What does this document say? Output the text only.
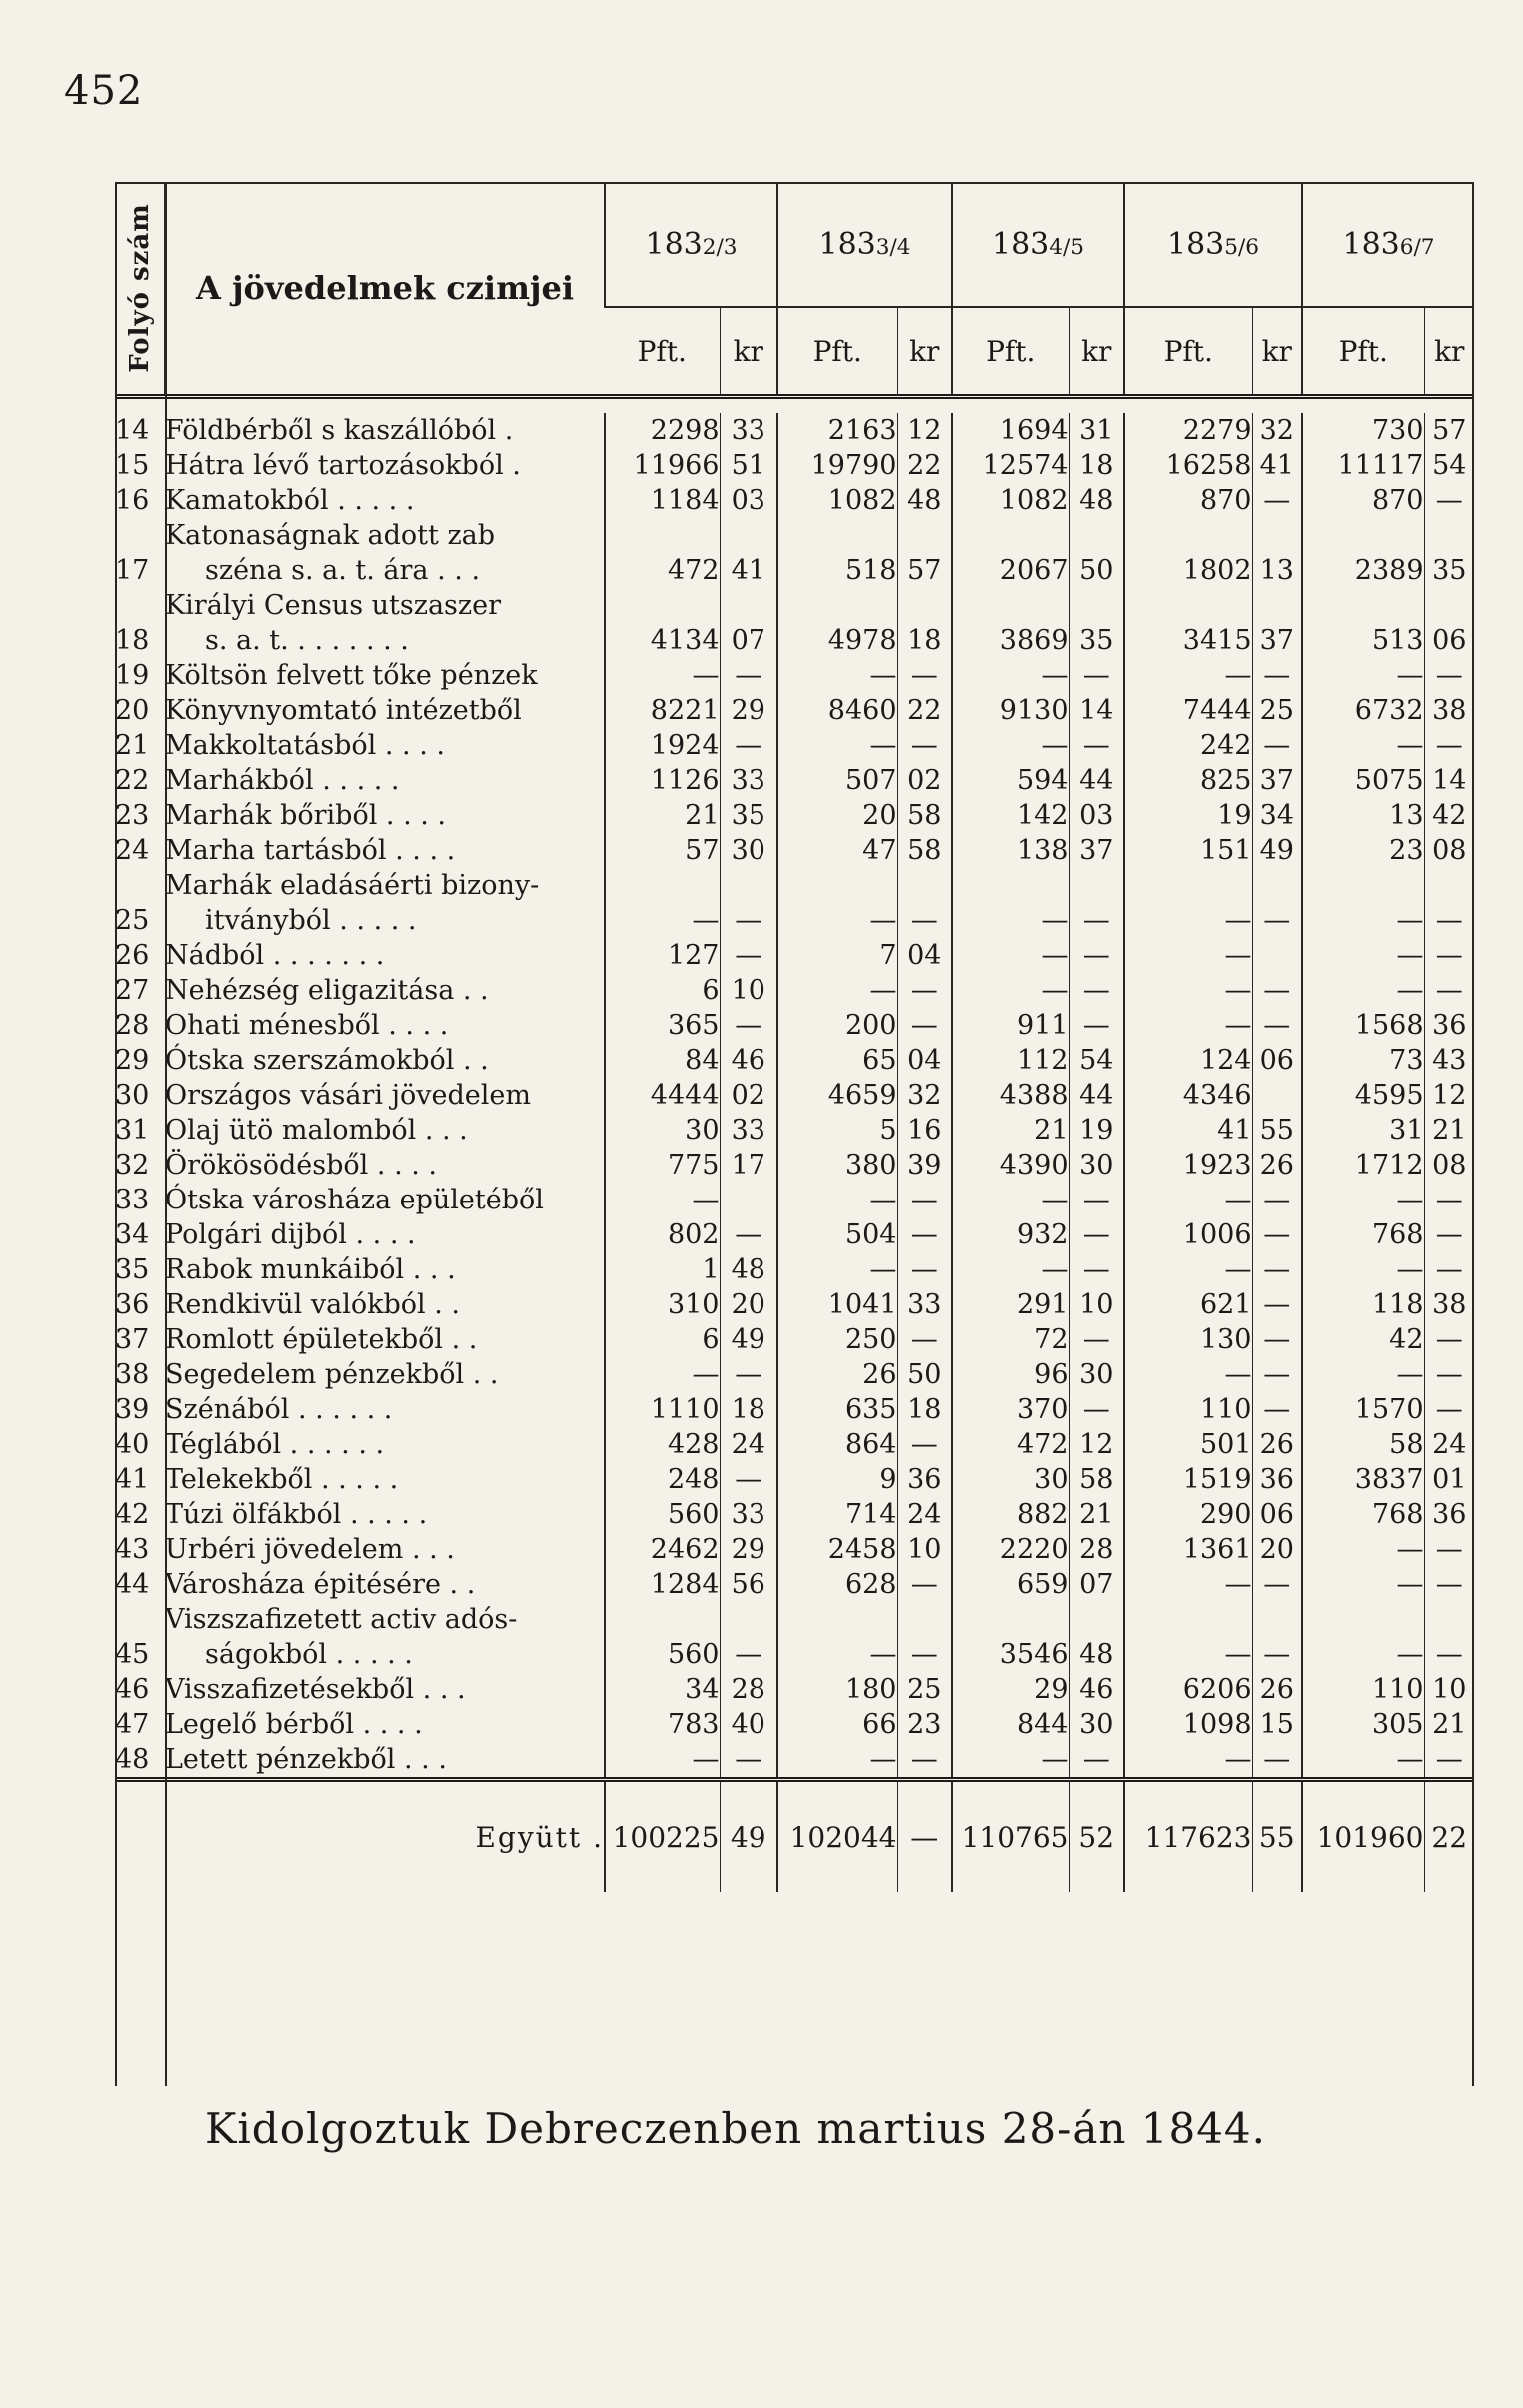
452
Folyó szám	A jövedelmek czimjei	1832/3		1833/4		1834/5		1835/6		1836/7	
		Pft.	kr	Pft.	kr	Pft.	kr	Pft.	kr	Pft.	kr

14	Földbérből s kaszállóból .	2298	33	2163	12	1694	31	2279	32	730	57
15	Hátra lévő tartozásokból .	11966	51	19790	22	12574	18	16258	41	11117	54
16	Kamatokból . . . . .	1184	03	1082	48	1082	48	870	—	870	—
17	Katonaságnak adott zab
széna s. a. t. ára . . .	472	41	518	57	2067	50	1802	13	2389	35
18	Királyi Census utszaszer
s. a. t. . . . . . . .	4134	07	4978	18	3869	35	3415	37	513	06
19	Költsön felvett tőke pénzek	—	—	—	—	—	—	—	—	—	—
20	Könyvnyomtató intézetből	8221	29	8460	22	9130	14	7444	25	6732	38
21	Makkoltatásból . . . .	1924	—	—	—	—	—	242	—	—	—
22	Marhákból . . . . .	1126	33	507	02	594	44	825	37	5075	14
23	Marhák bőriből . . . .	21	35	20	58	142	03	19	34	13	42
24	Marha tartásból . . . .	57	30	47	58	138	37	151	49	23	08
25	Marhák eladásáérti bizony-
itványból . . . . .	—	—	—	—	—	—	—	—	—	—
26	Nádból . . . . . . .	127	—	7	04	—	—	—		—	—
27	Nehézség eligazitása . .	6	10	—	—	—	—	—	—	—	—
28	Ohati ménesből . . . .	365	—	200	—	911	—	—	—	1568	36
29	Ótska szerszámokból . .	84	46	65	04	112	54	124	06	73	43
30	Országos vásári jövedelem	4444	02	4659	32	4388	44	4346		4595	12
31	Olaj ütö malomból . . .	30	33	5	16	21	19	41	55	31	21
32	Örökösödésből . . . .	775	17	380	39	4390	30	1923	26	1712	08
33	Ótska városháza epületéből	—		—	—	—	—	—	—	—	—
34	Polgári dijból . . . .	802	—	504	—	932	—	1006	—	768	—
35	Rabok munkáiból . . .	1	48	—	—	—	—	—	—	—	—
36	Rendkivül valókból . .	310	20	1041	33	291	10	621	—	118	38
37	Romlott épületekből . .	6	49	250	—	72	—	130	—	42	—
38	Segedelem pénzekből . .	—	—	26	50	96	30	—	—	—	—
39	Szénából . . . . . .	1110	18	635	18	370	—	110	—	1570	—
40	Téglából . . . . . .	428	24	864	—	472	12	501	26	58	24
41	Telekekből . . . . .	248	—	9	36	30	58	1519	36	3837	01
42	Túzi ölfákból . . . . .	560	33	714	24	882	21	290	06	768	36
43	Urbéri jövedelem . . .	2462	29	2458	10	2220	28	1361	20	—	—
44	Városháza épitésére . .	1284	56	628	—	659	07	—	—	—	—
45	Viszszafizetett activ adós-
ságokból . . . . .	560	—	—	—	3546	48	—	—	—	—
46	Visszafizetésekből . . .	34	28	180	25	29	46	6206	26	110	10
47	Legelő bérből . . . .	783	40	66	23	844	30	1098	15	305	21
48	Letett pénzekből . . .	—	—	—	—	—	—	—	—	—	—
	Együtt .	100225	49	102044	—	110765	52	117623	55	101960	22
Kidolgoztuk Debreczenben martius 28-án 1844.
